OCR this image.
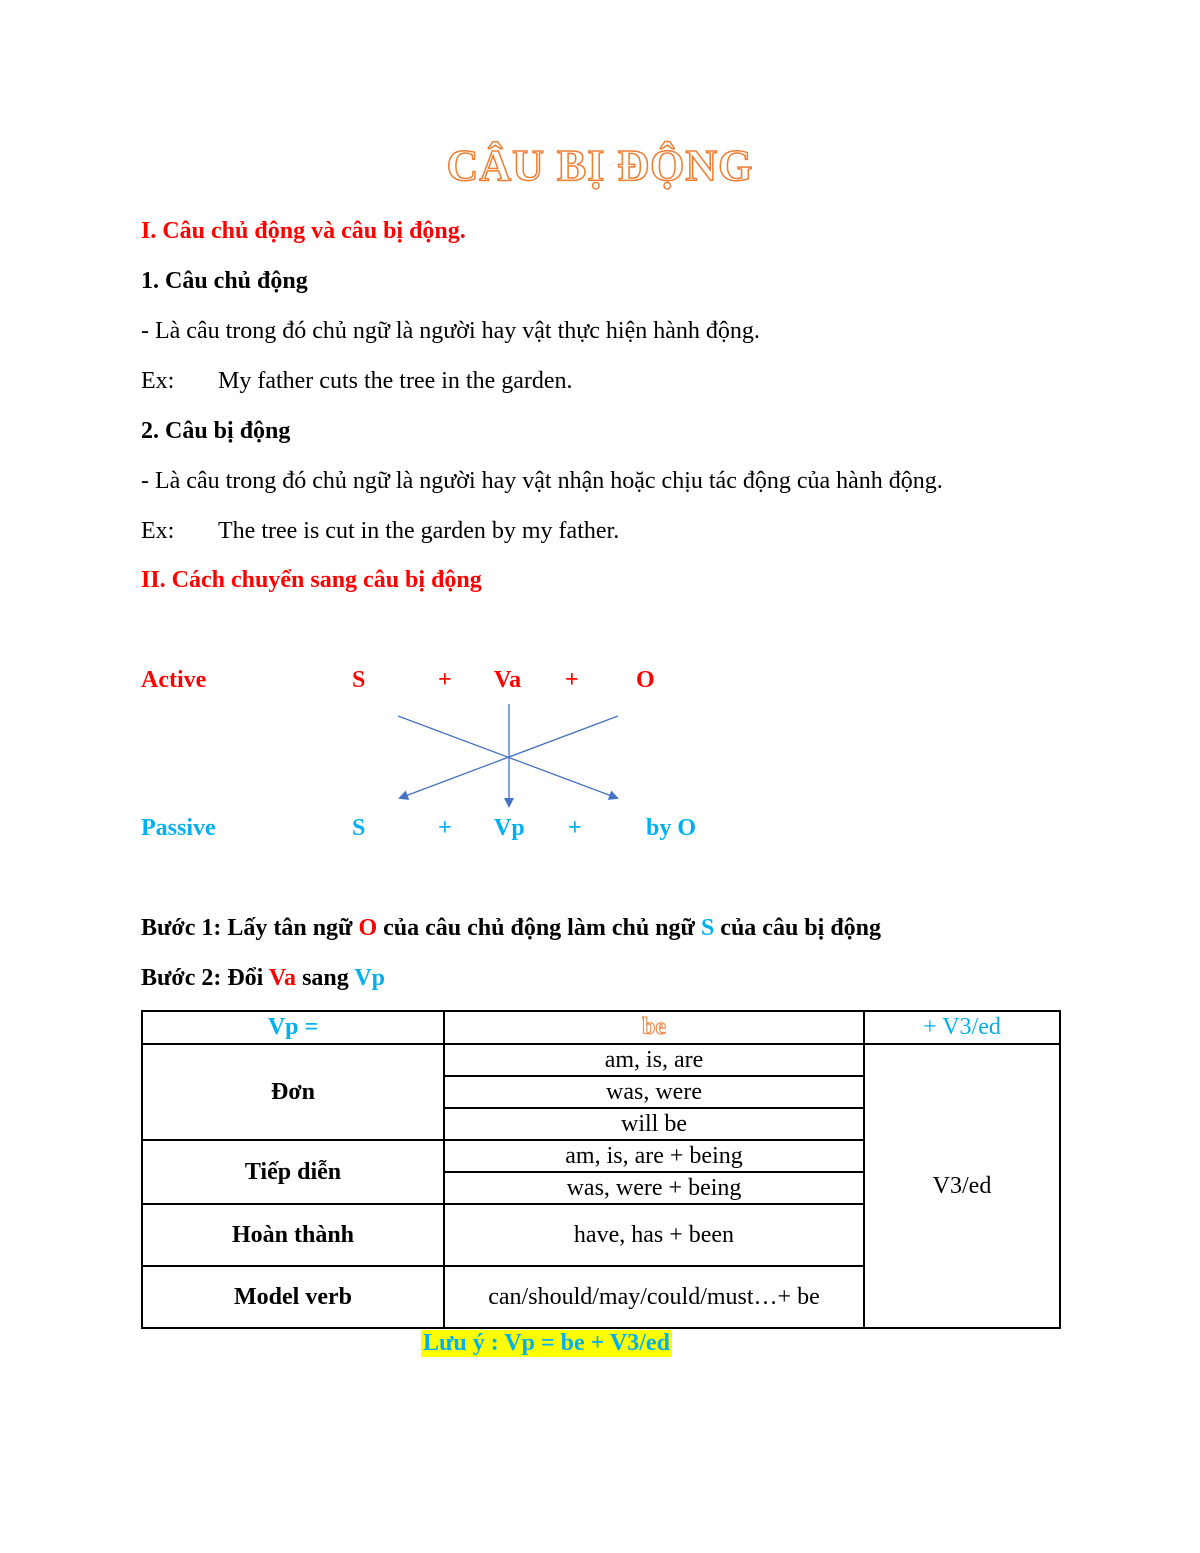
CÂU BỊ ĐỘNG
I. Câu chủ động và câu bị động.
1. Câu chủ động
- Là câu trong đó chủ ngữ là người hay vật thực hiện hành động.
Ex: My father cuts the tree in the garden.
2. Câu bị động
- Là câu trong đó chủ ngữ là người hay vật nhận hoặc chịu tác động của hành động.
Ex: The tree is cut in the garden by my father.
II. Cách chuyển sang câu bị động
Active	S	+ Va + O
Passive	S	+ Vp +	by O
Bước 1: Lấy tân ngữ O của câu chủ động làm chủ ngữ S của câu bị động
Bước 2: Đổi Va sang Vp
Vp =	be	+ V3/ed
Đơn	am, is, are	V3/ed
	was, were	
	will be	
Tiếp diễn	am, is, are + being	
	was, were + being	
Hoàn thành	have, has + been	
Model verb	can/should/may/could/must…+ be	
Lưu ý : Vp = be + V3/ed
